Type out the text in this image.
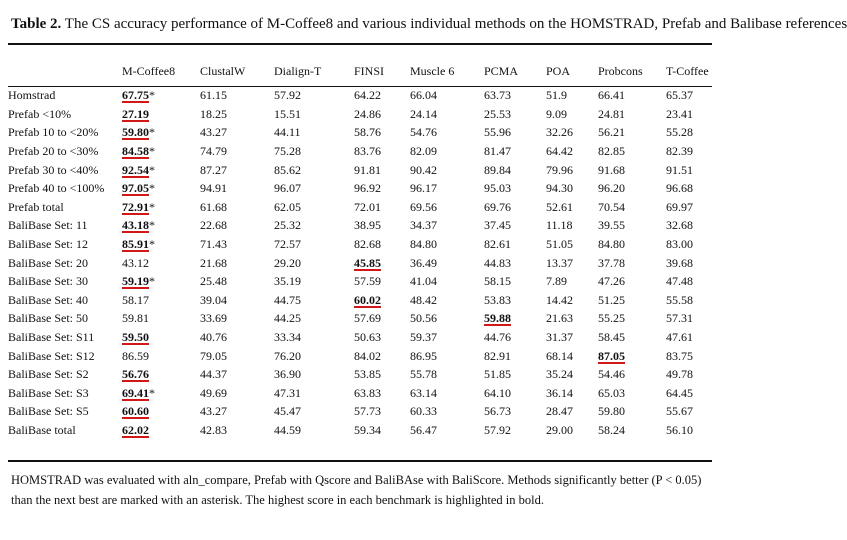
Table 2. The CS accuracy performance of M-Coffee8 and various individual methods on the HOMSTRAD, Prefab and Balibase references
	M-Coffee8	ClustalW	Dialign-T	FINSI	Muscle 6	PCMA	POA	Probcons	T-Coffee
Homstrad	67.75*	61.15	57.92	64.22	66.04	63.73	51.9	66.41	65.37
Prefab <10%	27.19	18.25	15.51	24.86	24.14	25.53	9.09	24.81	23.41
Prefab 10 to <20%	59.80*	43.27	44.11	58.76	54.76	55.96	32.26	56.21	55.28
Prefab 20 to <30%	84.58*	74.79	75.28	83.76	82.09	81.47	64.42	82.85	82.39
Prefab 30 to <40%	92.54*	87.27	85.62	91.81	90.42	89.84	79.96	91.68	91.51
Prefab 40 to <100%	97.05*	94.91	96.07	96.92	96.17	95.03	94.30	96.20	96.68
Prefab total	72.91*	61.68	62.05	72.01	69.56	69.76	52.61	70.54	69.97
BaliBase Set: 11	43.18*	22.68	25.32	38.95	34.37	37.45	11.18	39.55	32.68
BaliBase Set: 12	85.91*	71.43	72.57	82.68	84.80	82.61	51.05	84.80	83.00
BaliBase Set: 20	43.12	21.68	29.20	45.85	36.49	44.83	13.37	37.78	39.68
BaliBase Set: 30	59.19*	25.48	35.19	57.59	41.04	58.15	7.89	47.26	47.48
BaliBase Set: 40	58.17	39.04	44.75	60.02	48.42	53.83	14.42	51.25	55.58
BaliBase Set: 50	59.81	33.69	44.25	57.69	50.56	59.88	21.63	55.25	57.31
BaliBase Set: S11	59.50	40.76	33.34	50.63	59.37	44.76	31.37	58.45	47.61
BaliBase Set: S12	86.59	79.05	76.20	84.02	86.95	82.91	68.14	87.05	83.75
BaliBase Set: S2	56.76	44.37	36.90	53.85	55.78	51.85	35.24	54.46	49.78
BaliBase Set: S3	69.41*	49.69	47.31	63.83	63.14	64.10	36.14	65.03	64.45
BaliBase Set: S5	60.60	43.27	45.47	57.73	60.33	56.73	28.47	59.80	55.67
BaliBase total	62.02	42.83	44.59	59.34	56.47	57.92	29.00	58.24	56.10
HOMSTRAD was evaluated with aln_compare, Prefab with Qscore and BaliBAse with BaliScore. Methods significantly better (P < 0.05) than the next best are marked with an asterisk. The highest score in each benchmark is highlighted in bold.
